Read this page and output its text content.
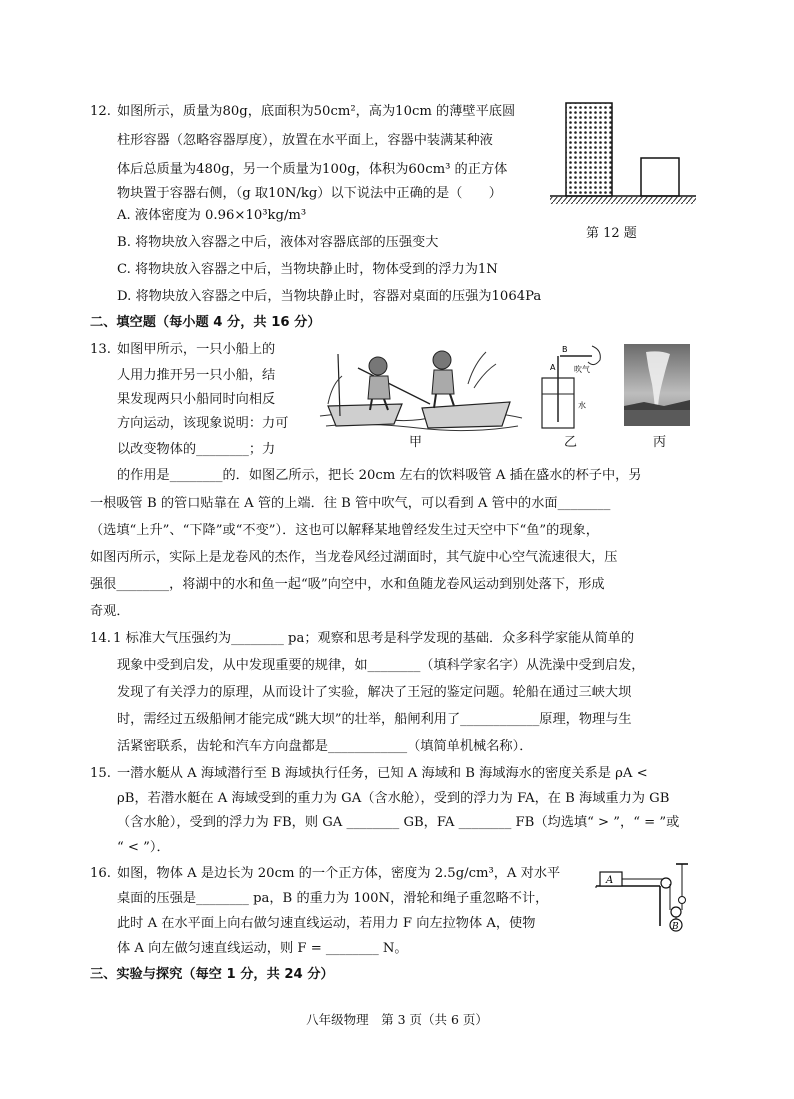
12. 如图所示，质量为80g，底面积为50cm²，高为10cm 的薄壁平底圆
柱形容器（忽略容器厚度），放置在水平面上，容器中装满某种液
体后总质量为480g，另一个质量为100g，体积为60cm³ 的正方体
物块置于容器右侧，（g 取10N/kg）以下说法中正确的是（　　）
A. 液体密度为 0.96×10³kg/m³
B. 将物块放入容器之中后，液体对容器底部的压强变大
C. 将物块放入容器之中后，当物块静止时，物体受到的浮力为1N
D. 将物块放入容器之中后，当物块静止时，容器对桌面的压强为1064Pa
第 12 题
二、填空题（每小题 4 分，共 16 分）
13. 如图甲所示，一只小船上的
人用力推开另一只小船，结
果发现两只小船同时向相反
方向运动，该现象说明：力可
以改变物体的________；力
的作用是________的．如图乙所示，把长 20cm 左右的饮料吸管 A 插在盛水的杯子中，另
一根吸管 B 的管口贴靠在 A 管的上端．往 B 管中吹气，可以看到 A 管中的水面________
（选填“上升”、“下降”或“不变”）．这也可以解释某地曾经发生过天空中下“鱼”的现象，
如图丙所示，实际上是龙卷风的杰作，当龙卷风经过湖面时，其气旋中心空气流速很大，压
强很________，将湖中的水和鱼一起“吸”向空中，水和鱼随龙卷风运动到别处落下，形成
奇观．
甲
B
A 吹气
水
乙	丙
14. 1 标准大气压强约为________ pa；观察和思考是科学发现的基础．众多科学家能从简单的
现象中受到启发，从中发现重要的规律，如________（填科学家名字）从洗澡中受到启发，
发现了有关浮力的原理，从而设计了实验，解决了王冠的鉴定问题。轮船在通过三峡大坝
时，需经过五级船闸才能完成“跳大坝”的壮举，船闸利用了____________原理，物理与生
活紧密联系，齿轮和汽车方向盘都是____________（填简单机械名称）．
15. 一潜水艇从 A 海域潜行至 B 海域执行任务，已知 A 海域和 B 海域海水的密度关系是 ρA <
ρB，若潜水艇在 A 海域受到的重力为 GA（含水舱），受到的浮力为 FA，在 B 海域重力为 GB
（含水舱），受到的浮力为 FB，则 GA ________ GB，FA ________ FB（均选填“ > ”，“ = ”或
“ < ”）．
16. 如图，物体 A 是边长为 20cm 的一个正方体，密度为 2.5g/cm³，A 对水平
桌面的压强是________ pa，B 的重力为 100N，滑轮和绳子重忽略不计，
此时 A 在水平面上向右做匀速直线运动，若用力 F 向左拉物体 A，使物
体 A 向左做匀速直线运动，则 F = ________ N。
A
B
三、实验与探究（每空 1 分，共 24 分）
八年级物理　第 3 页（共 6 页）
